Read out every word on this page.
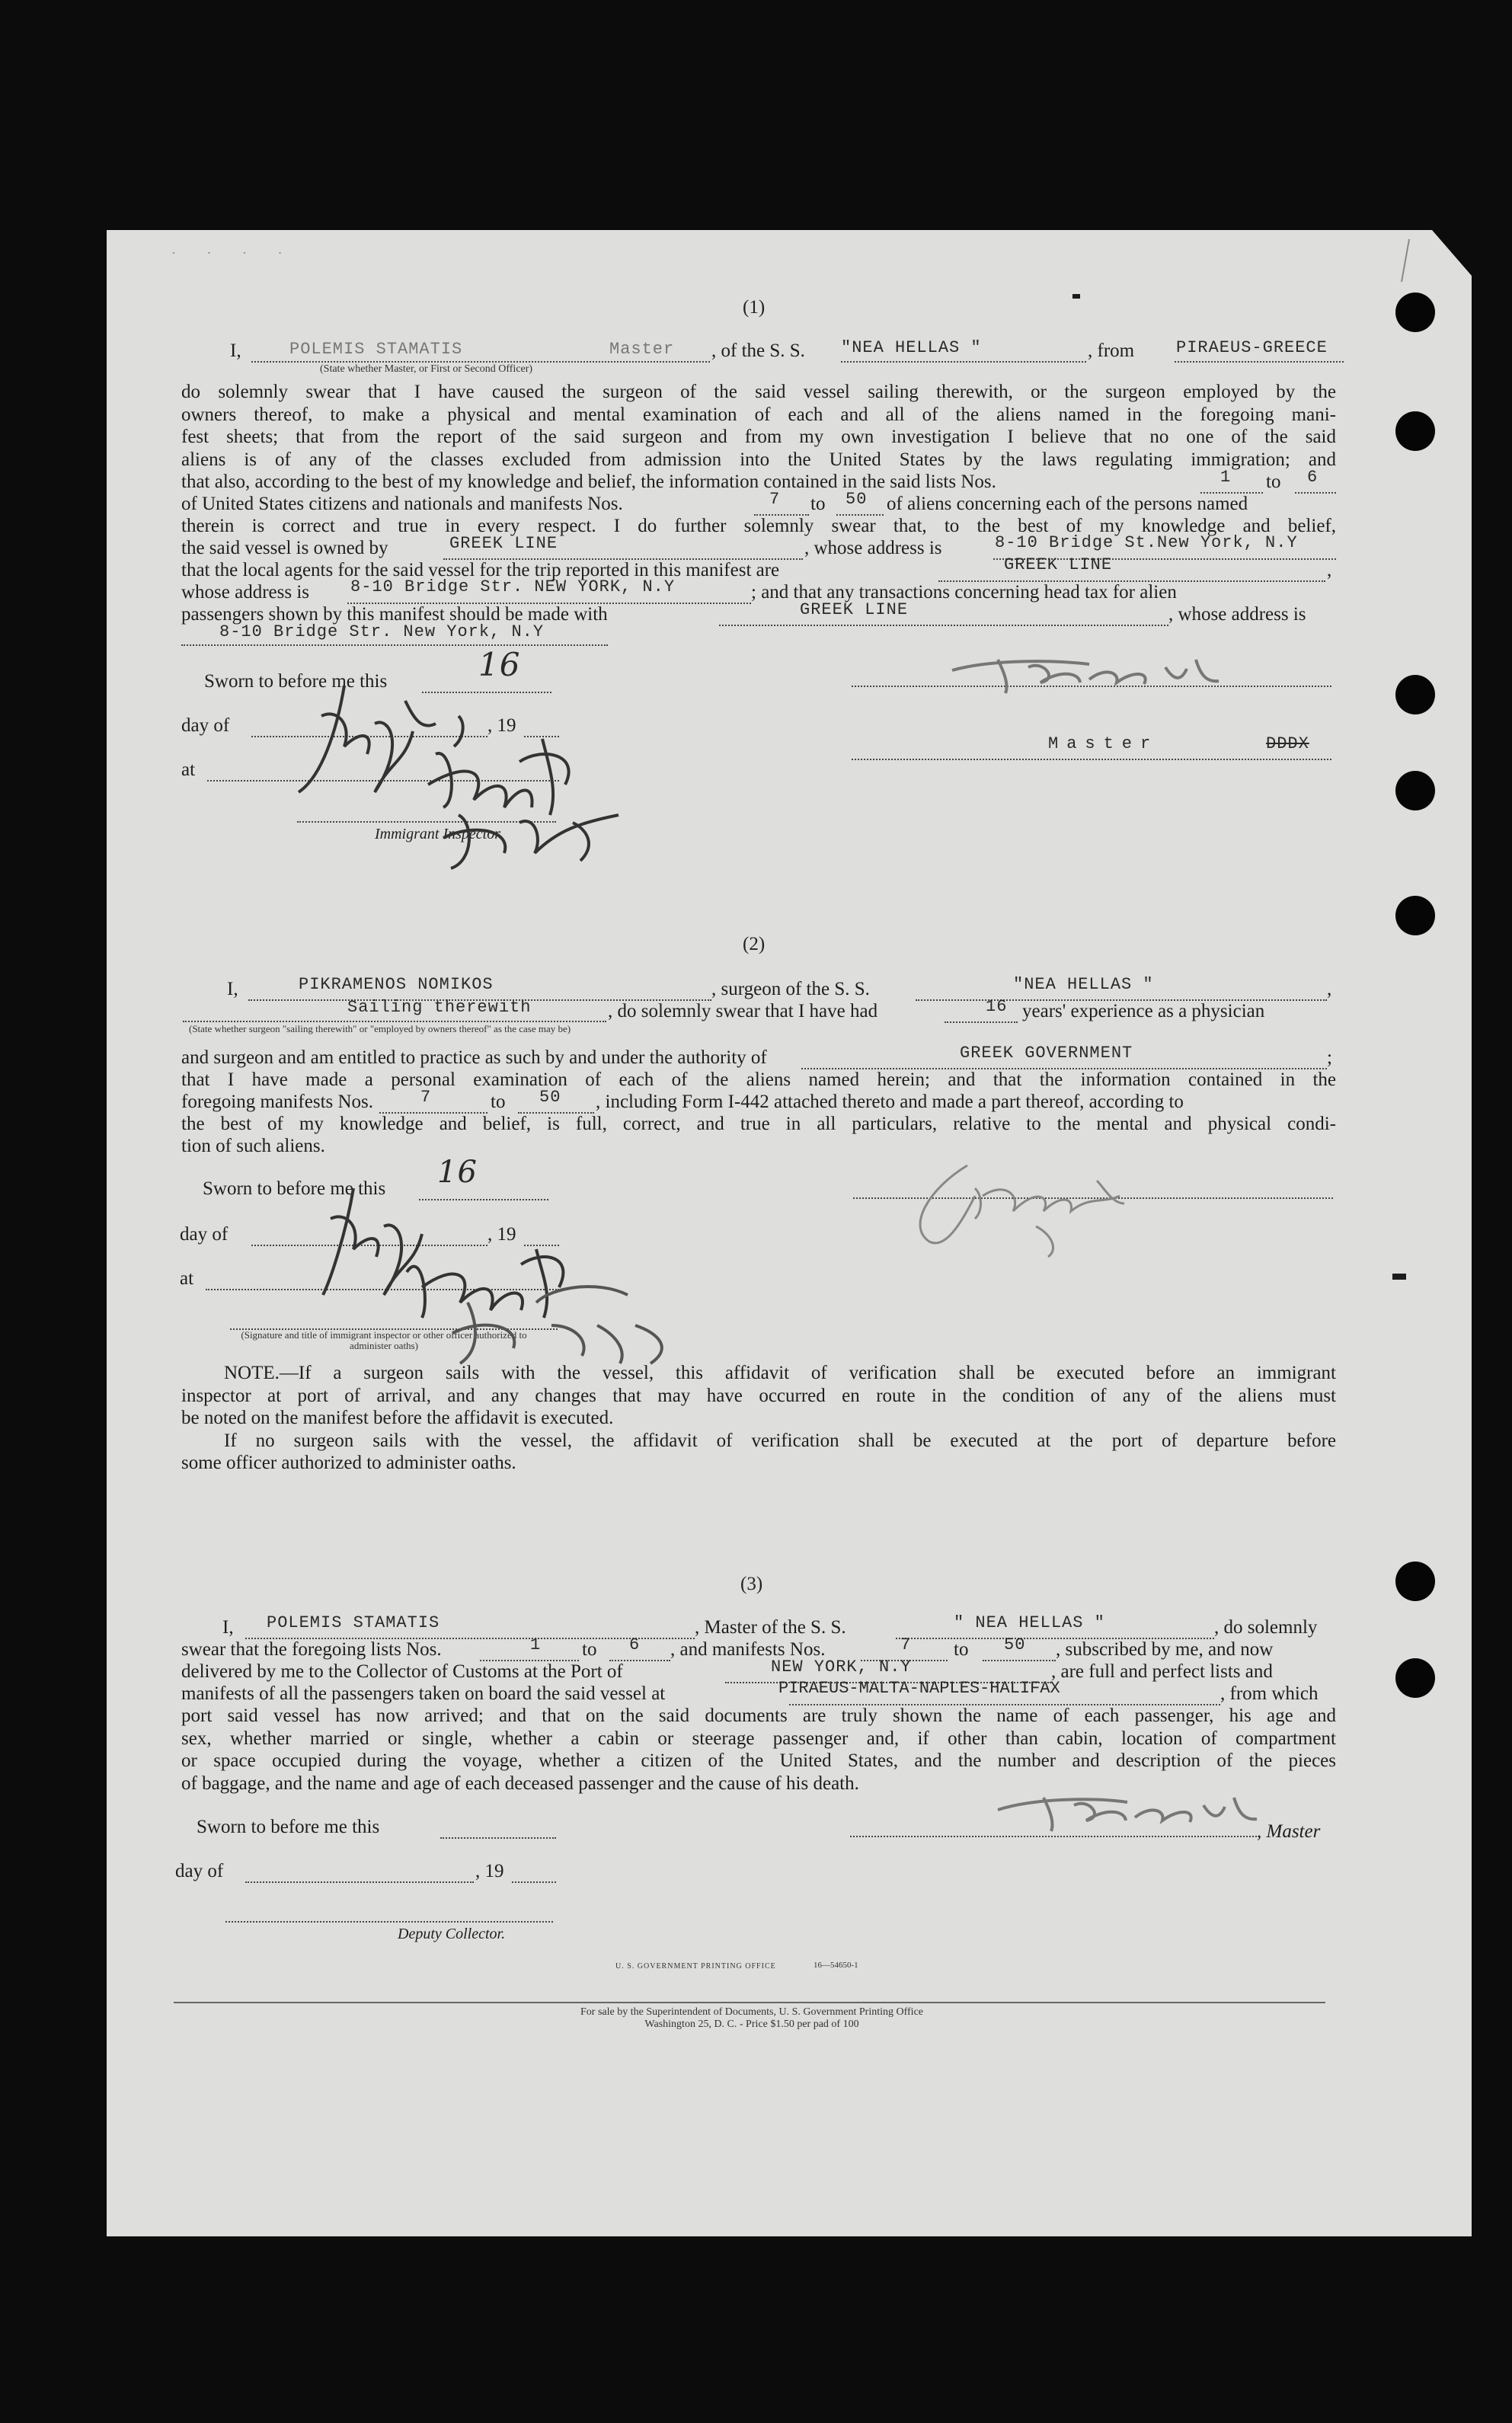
· · · ·
(1)
I,	POLEMIS STAMATIS	Master , of the S. S. "NEA HELLAS "	, from PIRAEUS-GREECE
(State whether Master, or First or Second Officer)
do solemnly swear that I have caused the surgeon of the said vessel sailing therewith, or the surgeon employed by the
owners thereof, to make a physical and mental examination of each and all of the aliens named in the foregoing mani-
fest sheets; that from the report of the said surgeon and from my own investigation I believe that no one of the said
aliens is of any of the classes excluded from admission into the United States by the laws regulating immigration; and
that also, according to the best of my knowledge and belief, the information contained in the said lists Nos.	1 to 6
of United States citizens and nationals and manifests Nos.	7 to 50 of aliens concerning each of the persons named
therein is correct and true in every respect. I do further solemnly swear that, to the best of my knowledge and belief,
the said vessel is owned by	GREEK LINE	, whose address is	8-10 Bridge St.New York, N.Y
that the local agents for the said vessel for the trip reported in this manifest are	GREEK LINE	,
whose address is 8-10 Bridge Str. NEW YORK, N.Y	; and that any transactions concerning head tax for alien
passengers shown by this manifest should be made with	GREEK LINE	, whose address is
8-10 Bridge Str. New York, N.Y
Sworn to before me this	16
day of	, 19
at
Immigrant Inspector.
Master	DDDX
(2)
I,	PIKRAMENOS NOMIKOS	, surgeon of the S. S.	"NEA HELLAS "	,
Sailing therewith	, do solemnly swear that I have had	16 years' experience as a physician
(State whether surgeon "sailing therewith" or "employed by owners thereof" as the case may be)
and surgeon and am entitled to practice as such by and under the authority of	GREEK GOVERNMENT	;
that I have made a personal examination of each of the aliens named herein; and that the information contained in the
foregoing manifests Nos.	7	to 50 , including Form I-442 attached thereto and made a part thereof, according to
the best of my knowledge and belief, is full, correct, and true in all particulars, relative to the mental and physical condi-
tion of such aliens.
Sworn to before me this 16
day of	, 19
at
(Signature and title of immigrant inspector or other officer authorized to administer oaths)
NOTE.—If a surgeon sails with the vessel, this affidavit of verification shall be executed before an immigrant
inspector at port of arrival, and any changes that may have occurred en route in the condition of any of the aliens must
be noted on the manifest before the affidavit is executed.
If no surgeon sails with the vessel, the affidavit of verification shall be executed at the port of departure before
some officer authorized to administer oaths.
(3)
I, POLEMIS STAMATIS	, Master of the S. S.	" NEA HELLAS "	, do solemnly
swear that the foregoing lists Nos.	1 to 6 , and manifests Nos.	7 to 50 , subscribed by me, and now
delivered by me to the Collector of Customs at the Port of	NEW YORK, N.Y	, are full and perfect lists and
manifests of all the passengers taken on board the said vessel at	PIRAEUS-MALTA-NAPLES-HALIFAX	, from which
port said vessel has now arrived; and that on the said documents are truly shown the name of each passenger, his age and
sex, whether married or single, whether a cabin or steerage passenger and, if other than cabin, location of compartment
or space occupied during the voyage, whether a citizen of the United States, and the number and description of the pieces
of baggage, and the name and age of each deceased passenger and the cause of his death.
Sworn to before me this
day of	, 19
Deputy Collector.
, Master
U. S. GOVERNMENT PRINTING OFFICE	16—54650-1
For sale by the Superintendent of Documents, U. S. Government Printing Office
Washington 25, D. C. - Price $1.50 per pad of 100
